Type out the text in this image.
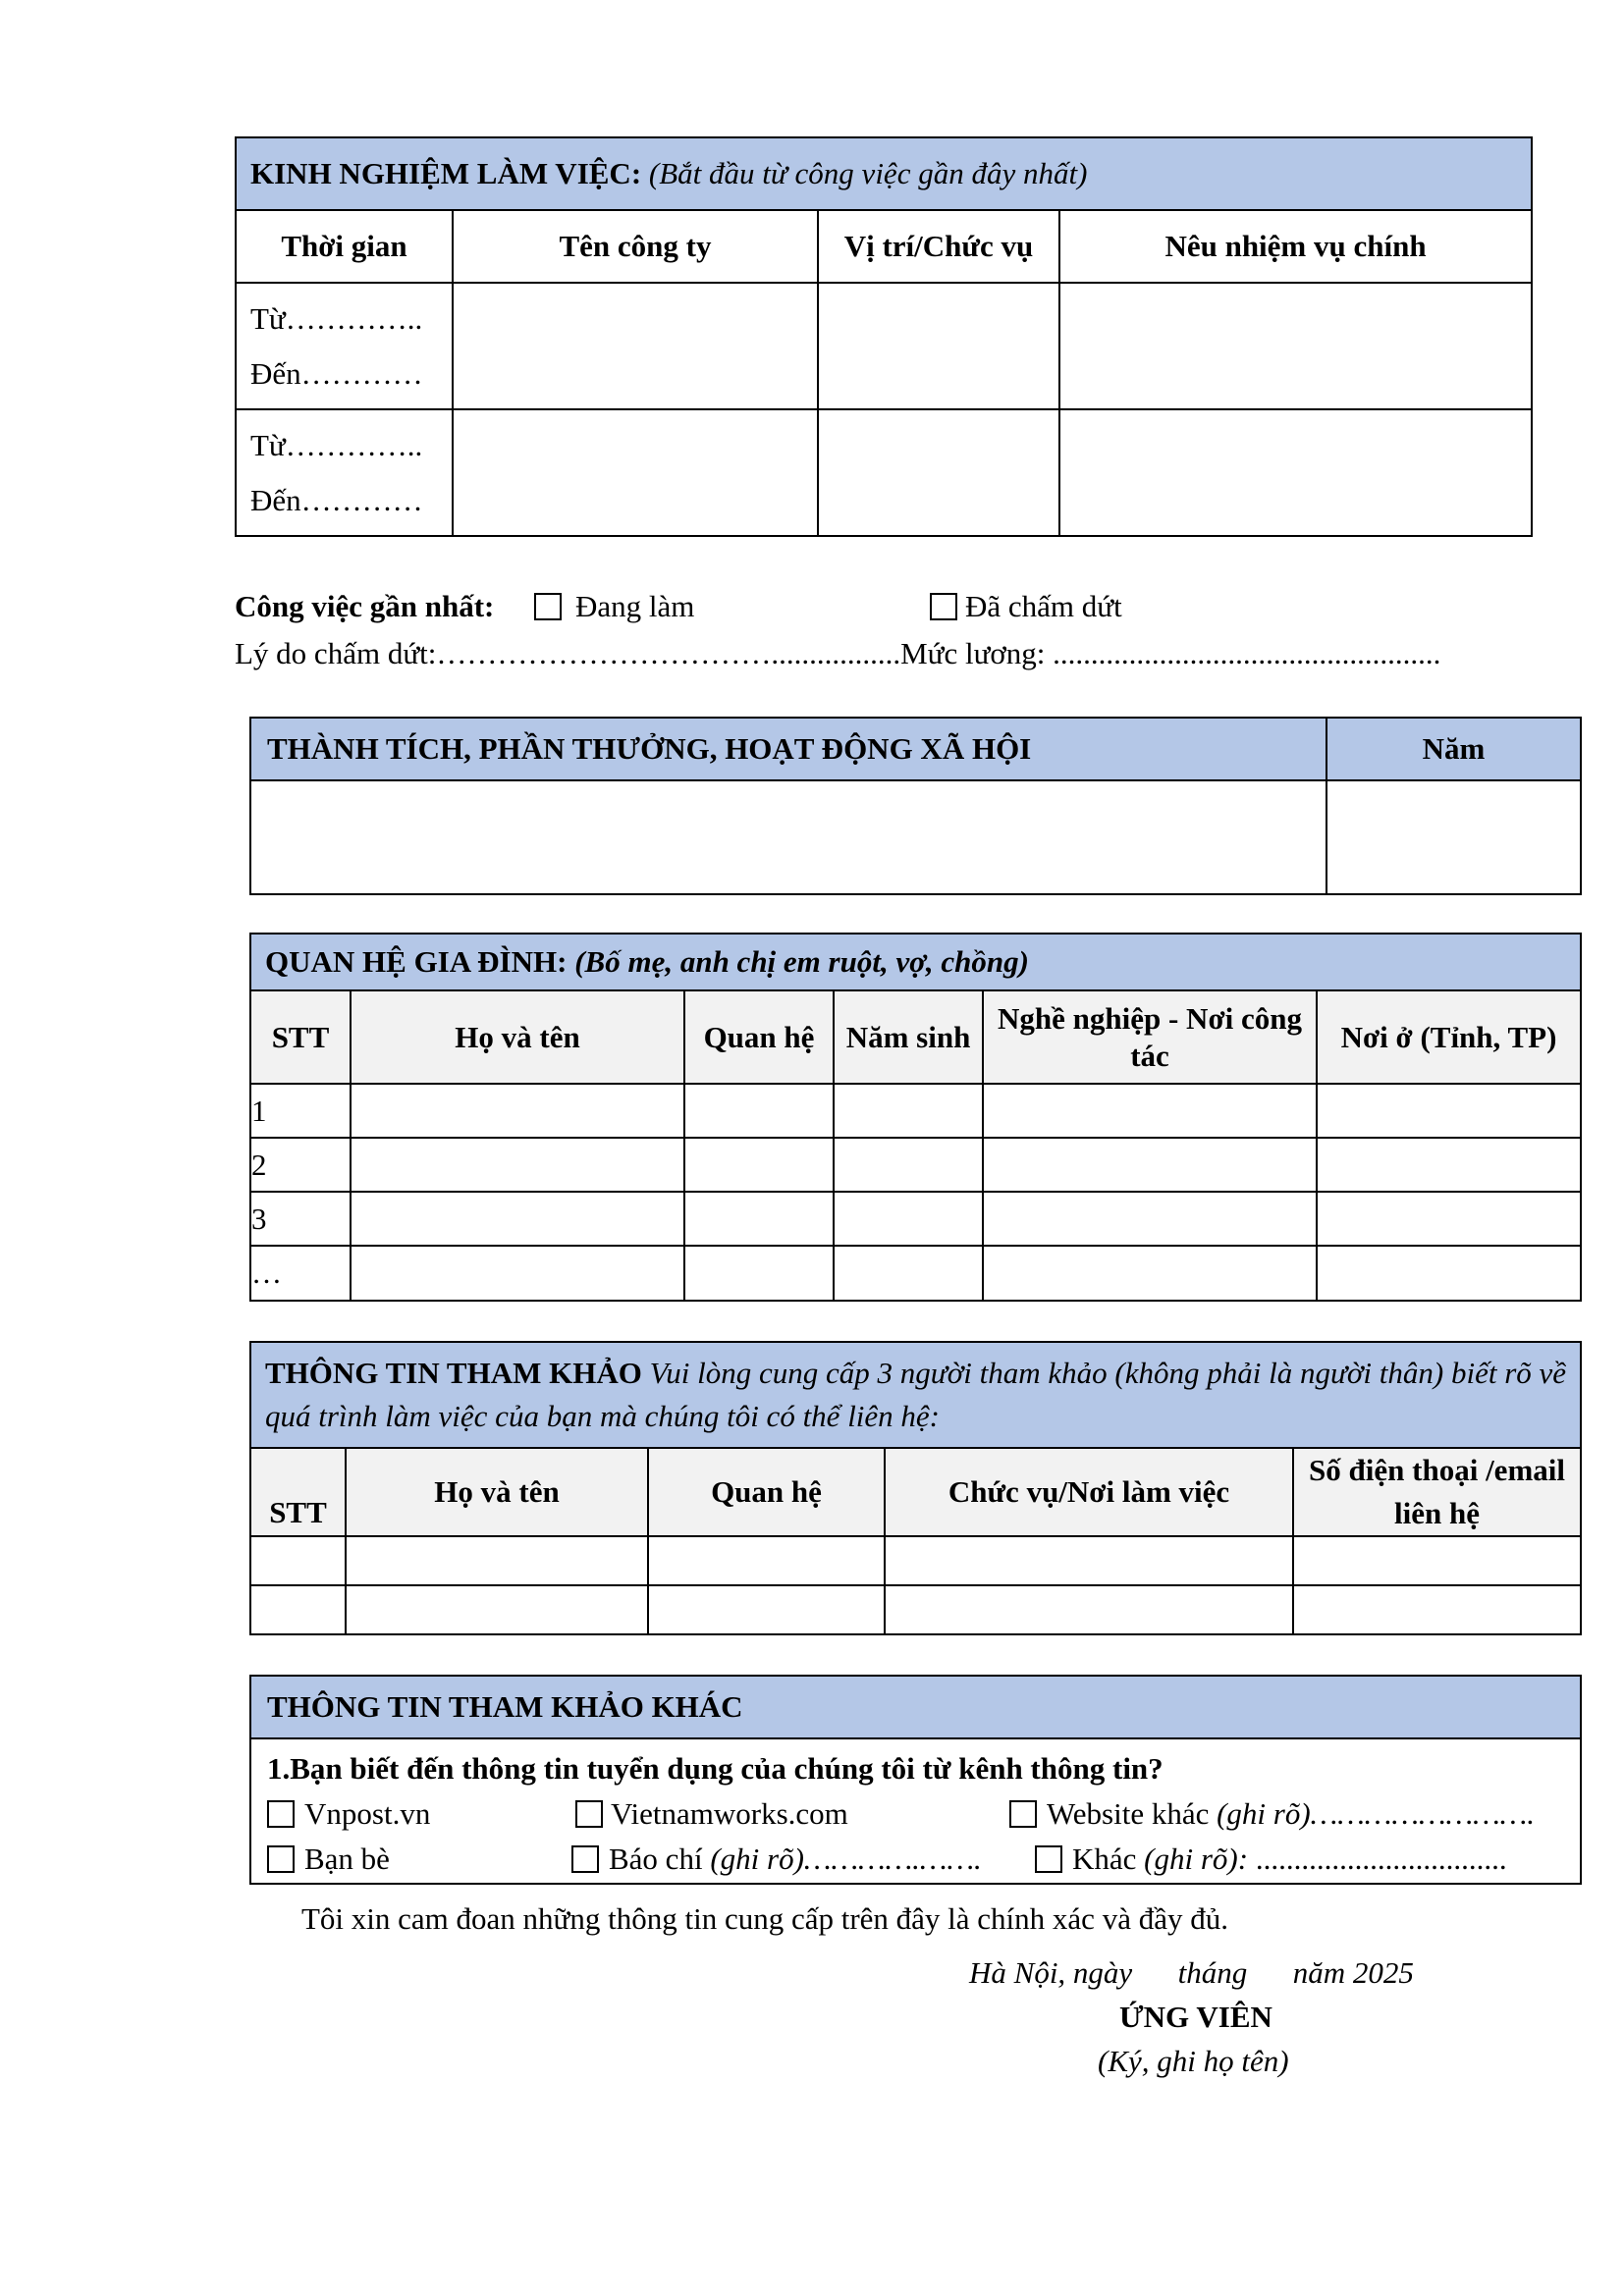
KINH NGHIỆM LÀM VIỆC: (Bắt đầu từ công việc gần đây nhất)			
Thời gian	Tên công ty	Vị trí/Chức vụ	Nêu nhiệm vụ chính

Từ…………..
Đến…………			

Từ…………..
Đến…………			

Công việc gần nhất:	Đang làm	Đã chấm dứt
Lý do chấm dứt:…………………………….................Mức lương: ...................................................
THÀNH TÍCH, PHẦN THƯỞNG, HOẠT ĐỘNG XÃ HỘI	Năm

QUAN HỆ GIA ĐÌNH: (Bố mẹ, anh chị em ruột, vợ, chồng)					
STT	Họ và tên	Quan hệ	Năm sinh	Nghề nghiệp - Nơi công tác	Nơi ở (Tỉnh, TP)
1					
2					
3					
…					
THÔNG TIN THAM KHẢO Vui lòng cung cấp 3 người tham khảo (không phải là người thân) biết rõ về quá trình làm việc của bạn mà chúng tôi có thể liên hệ:				
STT	Họ và tên	Quan hệ	Chức vụ/Nơi làm việc	Số điện thoại /email liên hệ

THÔNG TIN THAM KHẢO KHÁC

1.Bạn biết đến thông tin tuyển dụng của chúng tôi từ kênh thông tin?
Vnpost.vn	Vietnamworks.com	Website khác (ghi rõ)…………………….
Bạn bè	Báo chí (ghi rõ)………….…….	Khác (ghi rõ): .................................
Tôi xin cam đoan những thông tin cung cấp trên đây là chính xác và đầy đủ.
Hà Nội, ngày      tháng      năm 2025
ỨNG VIÊN
(Ký, ghi họ tên)
